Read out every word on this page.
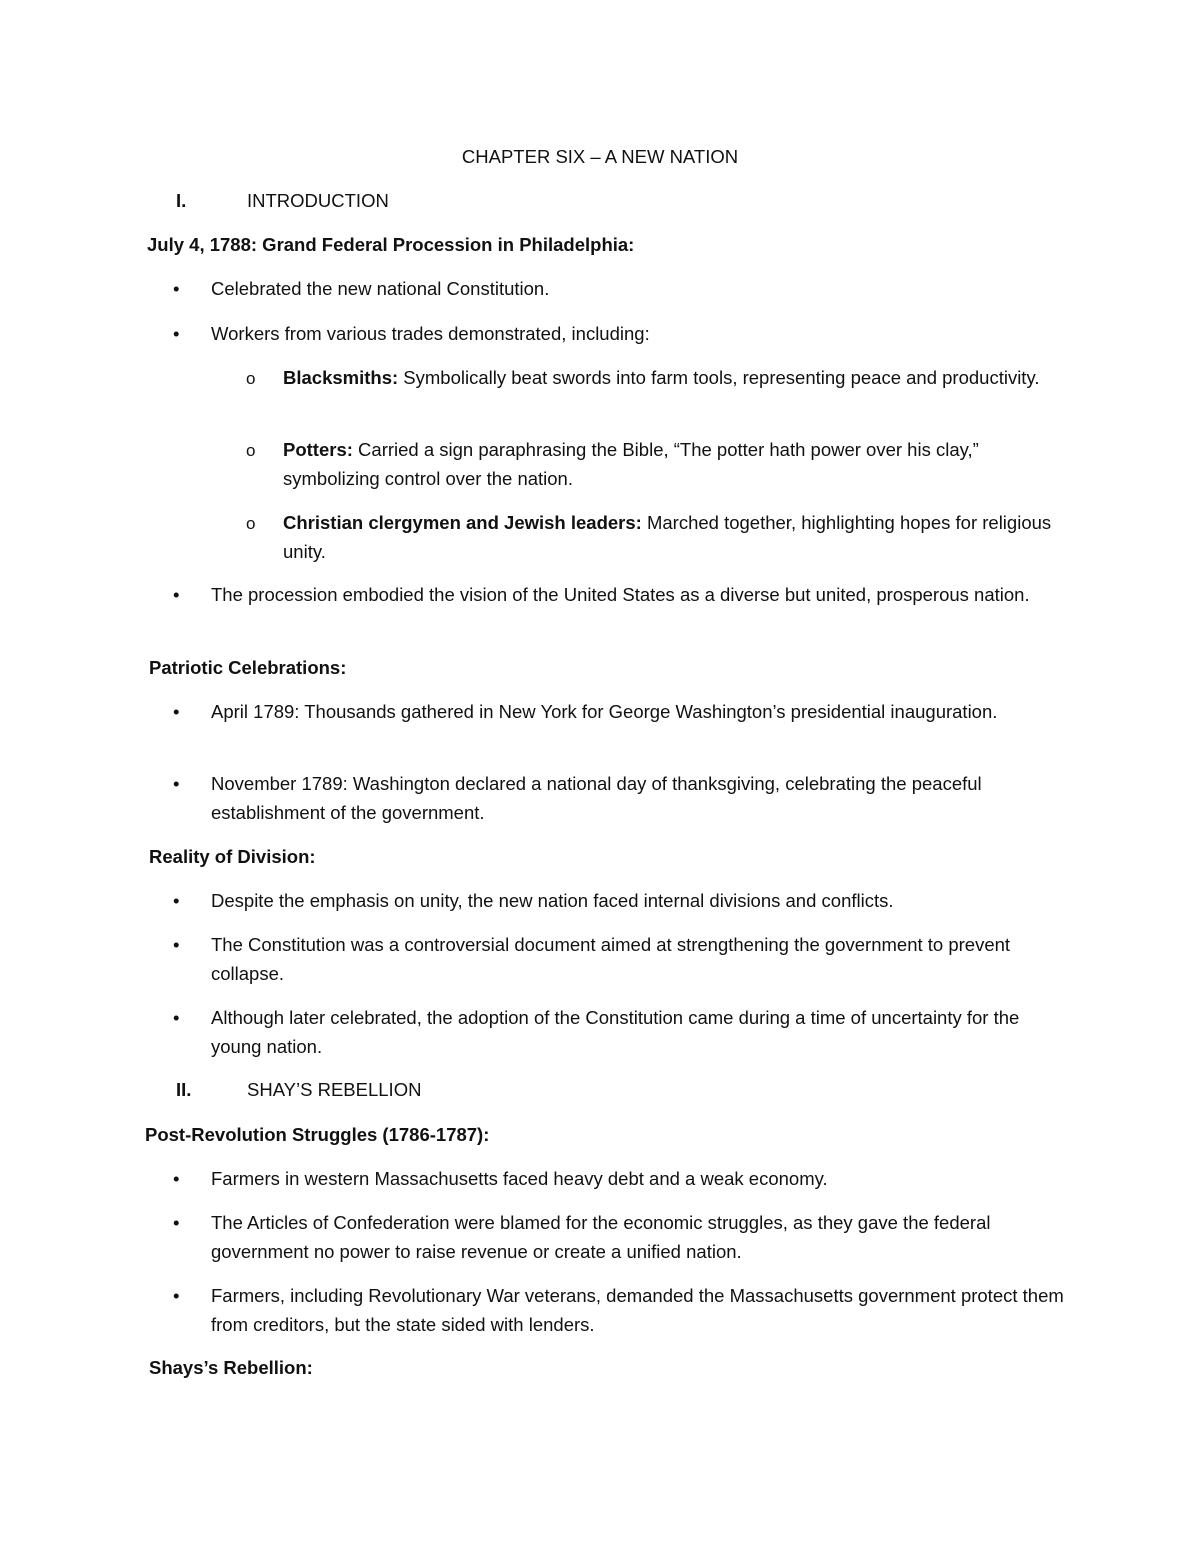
CHAPTER SIX – A NEW NATION
I.	INTRODUCTION
July 4, 1788: Grand Federal Procession in Philadelphia:
• Celebrated the new national Constitution.
• Workers from various trades demonstrated, including:
o Blacksmiths: Symbolically beat swords into farm tools, representing peace and productivity.
o Potters: Carried a sign paraphrasing the Bible, “The potter hath power over his clay,” symbolizing control over the nation.
o Christian clergymen and Jewish leaders: Marched together, highlighting hopes for religious unity.
• The procession embodied the vision of the United States as a diverse but united, prosperous nation.
Patriotic Celebrations:
• April 1789: Thousands gathered in New York for George Washington’s presidential inauguration.
• November 1789: Washington declared a national day of thanksgiving, celebrating the peaceful establishment of the government.
Reality of Division:
• Despite the emphasis on unity, the new nation faced internal divisions and conflicts.
• The Constitution was a controversial document aimed at strengthening the government to prevent collapse.
• Although later celebrated, the adoption of the Constitution came during a time of uncertainty for the young nation.
II.	SHAY’S REBELLION
Post-Revolution Struggles (1786-1787):
• Farmers in western Massachusetts faced heavy debt and a weak economy.
• The Articles of Confederation were blamed for the economic struggles, as they gave the federal government no power to raise revenue or create a unified nation.
• Farmers, including Revolutionary War veterans, demanded the Massachusetts government protect them from creditors, but the state sided with lenders.
Shays’s Rebellion:
